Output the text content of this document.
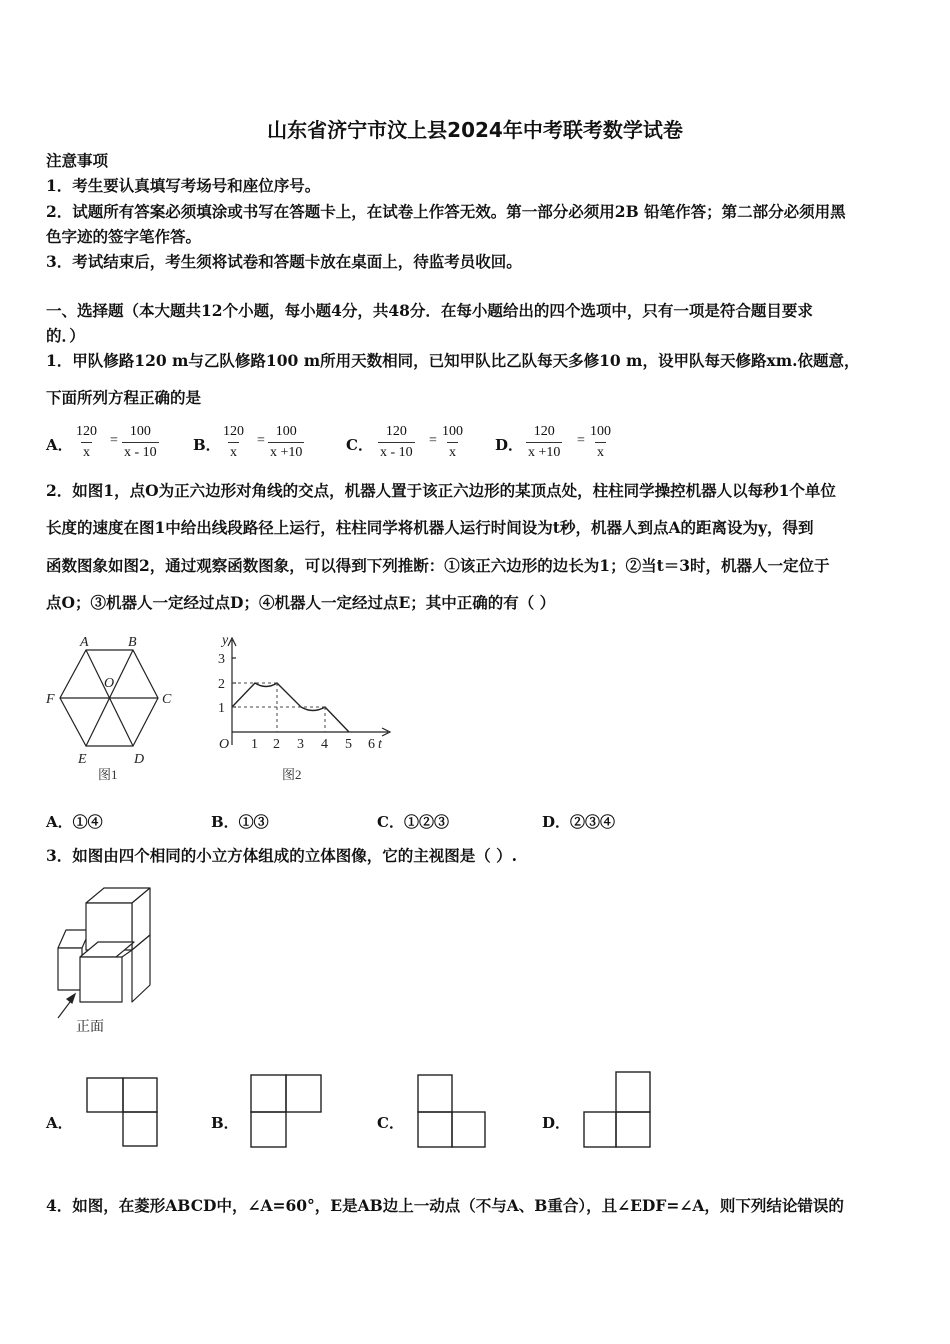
山东省济宁市汶上县2024年中考联考数学试卷
注意事项
1．考生要认真填写考场号和座位序号。
2．试题所有答案必须填涂或书写在答题卡上，在试卷上作答无效。第一部分必须用2B 铅笔作答；第二部分必须用黑
色字迹的签字笔作答。
3．考试结束后，考生须将试卷和答题卡放在桌面上，待监考员收回。
一、选择题（本大题共12个小题，每小题4分，共48分．在每小题给出的四个选项中，只有一项是符合题目要求
的．）
1．甲队修路120 m与乙队修路100 m所用天数相同，已知甲队比乙队每天多修10 m，设甲队每天修路xm.依题意，
下面所列方程正确的是
A． $\frac{120}{x} = \frac{100}{x - 10}$ B． $\frac{120}{x} = \frac{100}{x +10}$	C． $\frac{120}{x - 10} = \frac{100}{x}$ D． $\frac{120}{x +10} = \frac{100}{x}$
2．如图1，点O为正六边形对角线的交点，机器人置于该正六边形的某顶点处，柱柱同学操控机器人以每秒1个单位
长度的速度在图1中给出线段路径上运行，柱柱同学将机器人运行时间设为t秒，机器人到点A的距离设为y，得到
函数图象如图2，通过观察函数图象，可以得到下列推断：①该正六边形的边长为1；②当t＝3时，机器人一定位于
点O；③机器人一定经过点D；④机器人一定经过点E；其中正确的有（ ）
A	B
C
D
E
F
O
图1
y
3
2
1
O 1 2 3 4 5 6 t
图2
A．①④	B．①③	C．①②③	D．②③④
3．如图由四个相同的小立方体组成的立体图像，它的主视图是（ ）.
正面
A．	B．	C．	D．
4．如图，在菱形ABCD中，∠A=60°，E是AB边上一动点（不与A、B重合），且∠EDF=∠A，则下列结论错误的
